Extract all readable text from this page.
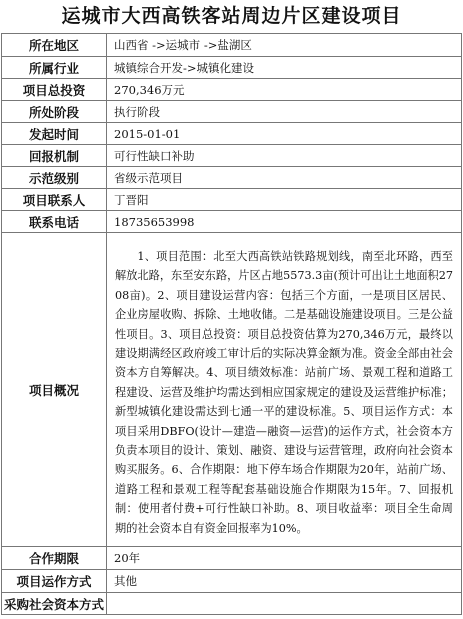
运城市大西高铁客站周边片区建设项目
所在地区	山西省 ->运城市 ->盐湖区
所属行业	城镇综合开发->城镇化建设
项目总投资	270,346万元
所处阶段	执行阶段
发起时间	2015-01-01
回报机制	可行性缺口补助
示范级别	省级示范项目
项目联系人	丁晋阳
联系电话	18735653998
项目概况	1、项目范围：北至大西高铁站铁路规划线，南至北环路，西至解放北路，东至安东路，片区占地5573.3亩(预计可出让土地面积2708亩)。2、项目建设运营内容：包括三个方面，一是项目区居民、企业房屋收购、拆除、土地收储。二是基础设施建设项目。三是公益性项目。3、项目总投资：项目总投资估算为270,346万元，最终以建设期满经区政府竣工审计后的实际决算金额为准。资金全部由社会资本方自筹解决。4、项目绩效标准：站前广场、景观工程和道路工程建设、运营及维护均需达到相应国家规定的建设及运营维护标准；新型城镇化建设需达到七通一平的建设标准。5、项目运作方式：本项目采用DBFO(设计—建造—融资—运营)的运作方式，社会资本方负责本项目的设计、策划、融资、建设与运营管理，政府向社会资本购买服务。6、合作期限：地下停车场合作期限为20年，站前广场、道路工程和景观工程等配套基础设施合作期限为15年。7、回报机制：使用者付费+可行性缺口补助。8、项目收益率：项目全生命周期的社会资本自有资金回报率为10%。

合作期限	20年
项目运作方式	其他
采购社会资本方式	
